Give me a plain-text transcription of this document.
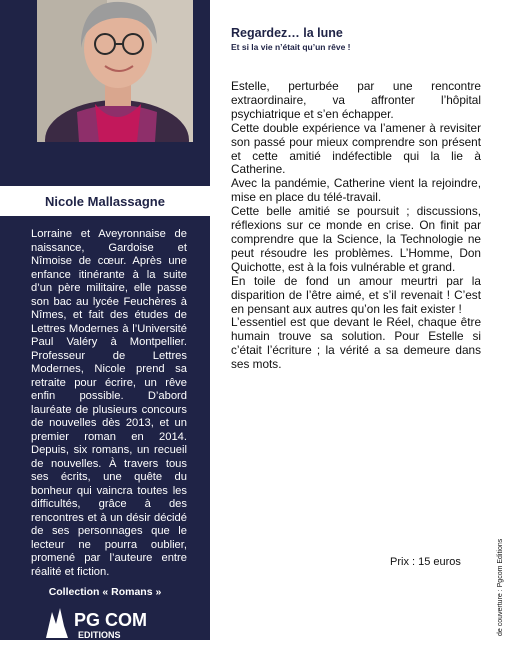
Nicole Mallassagne

Lorraine et Aveyronnaise de naissance, Gardoise et Nîmoise de cœur. Après une enfance itinérante à la suite d’un père militaire, elle passe son bac au lycée Feuchères à Nîmes, et fait des études de Lettres Modernes à l’Université Paul Valéry à Montpellier. Professeur de Lettres Modernes, Nicole prend sa retraite pour écrire, un rêve enfin possible. D’abord lauréate de plusieurs concours de nouvelles dès 2013, et un premier roman en 2014. Depuis, six romans, un recueil de nouvelles. À travers tous ses écrits, une quête du bonheur qui vaincra toutes les difficultés, grâce à des rencontres et à un désir décidé de ses personnages que le lecteur ne pourra oublier, promené par l’auteure entre réalité et fiction.

Collection « Romans »
PG COM
EDITIONS

Regardez… la lune

Et si la vie n’était qu’un rêve !

Estelle, perturbée par une rencontre extraordinaire, va affronter l’hôpital psychiatrique et s’en échapper.

Cette double expérience va l’amener à revisiter son passé pour mieux comprendre son présent et cette amitié indéfectible qui la lie à Catherine.

Avec la pandémie, Catherine vient la rejoindre, mise en place du télé-travail.

Cette belle amitié se poursuit ; discussions, réflexions sur ce monde en crise. On finit par comprendre que la Science, la Technologie ne peut résoudre les problèmes. L’Homme, Don Quichotte, est à la fois vulnérable et grand.

En toile de fond un amour meurtri par la disparition de l’être aimé, et s’il revenait ! C’est en pensant aux autres qu’on les fait exister !

L’essentiel est que devant le Réel, chaque être humain trouve sa solution. Pour Estelle si c’était l’écriture ; la vérité a sa demeure dans ses mots.

Prix : 15 euros	de couverture : Pgcom Editions
